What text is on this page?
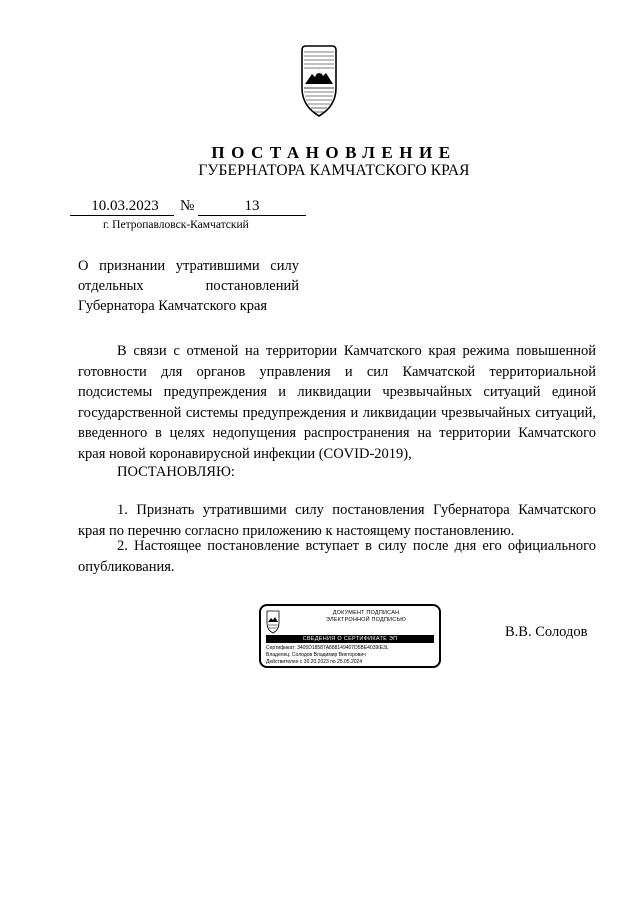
ПОСТАНОВЛЕНИЕ
ГУБЕРНАТОРА КАМЧАТСКОГО КРАЯ
10.03.2023	№	13
г. Петропавловск-Камчатский
О признании утратившими силу отдельных постановлений Губернатора Камчатского края
В связи с отменой на территории Камчатского края режима повышенной готовности для органов управления и сил Камчатской территориальной подсистемы предупреждения и ликвидации чрезвычайных ситуаций единой государственной системы предупреждения и ликвидации чрезвычайных ситуаций, введенного в целях недопущения распространения на территории Камчатского края новой коронавирусной инфекции (COVID-2019),
ПОСТАНОВЛЯЮ:
1. Признать утратившими силу постановления Губернатора Камчатского края по перечню согласно приложению к настоящему постановлению.
2. Настоящее постановление вступает в силу после дня его официального опубликования.
ДОКУМЕНТ ПОДПИСАН
ЭЛЕКТРОННОЙ ПОДПИСЬЮ
СВЕДЕНИЯ О СЕРТИФИКАТЕ ЭП
Сертификат: 3405D18587A888149407D5BE4039IE3L
Владелец: Солодов Владимир Викторович
Действителен с 30.20.2023 по 25.05.2024
В.В. Солодов
